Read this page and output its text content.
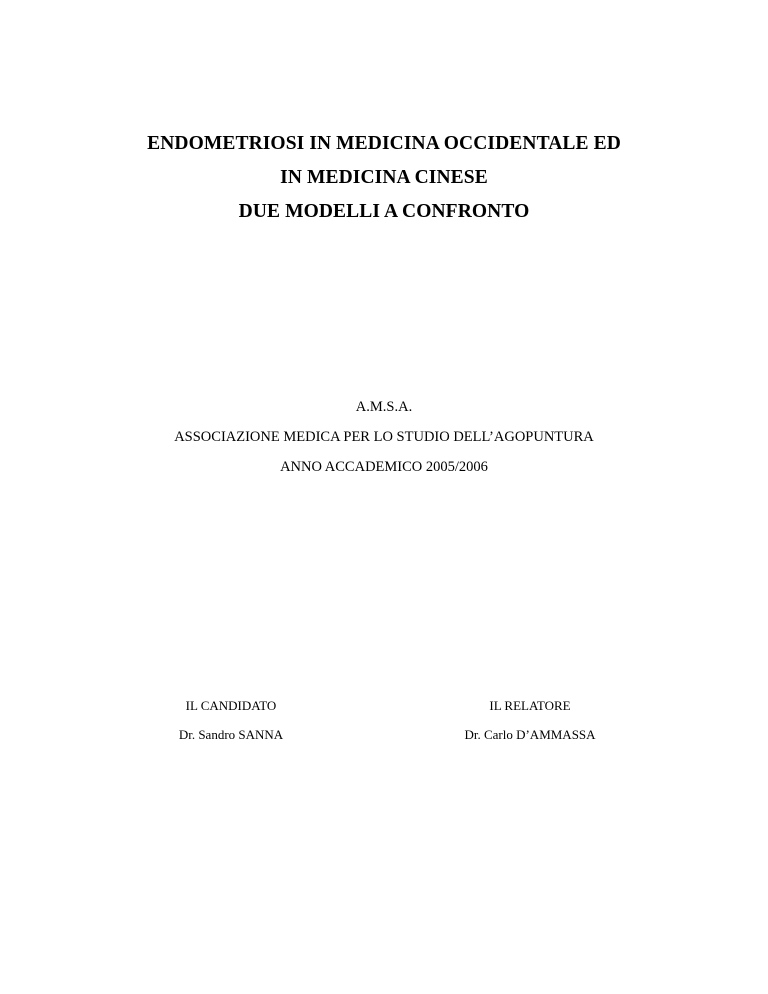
ENDOMETRIOSI IN MEDICINA OCCIDENTALE ED
IN MEDICINA CINESE
DUE MODELLI A CONFRONTO
A.M.S.A.
ASSOCIAZIONE MEDICA PER LO STUDIO DELL’AGOPUNTURA
ANNO ACCADEMICO 2005/2006
IL CANDIDATO
Dr. Sandro SANNA
IL RELATORE
Dr. Carlo D’AMMASSA
